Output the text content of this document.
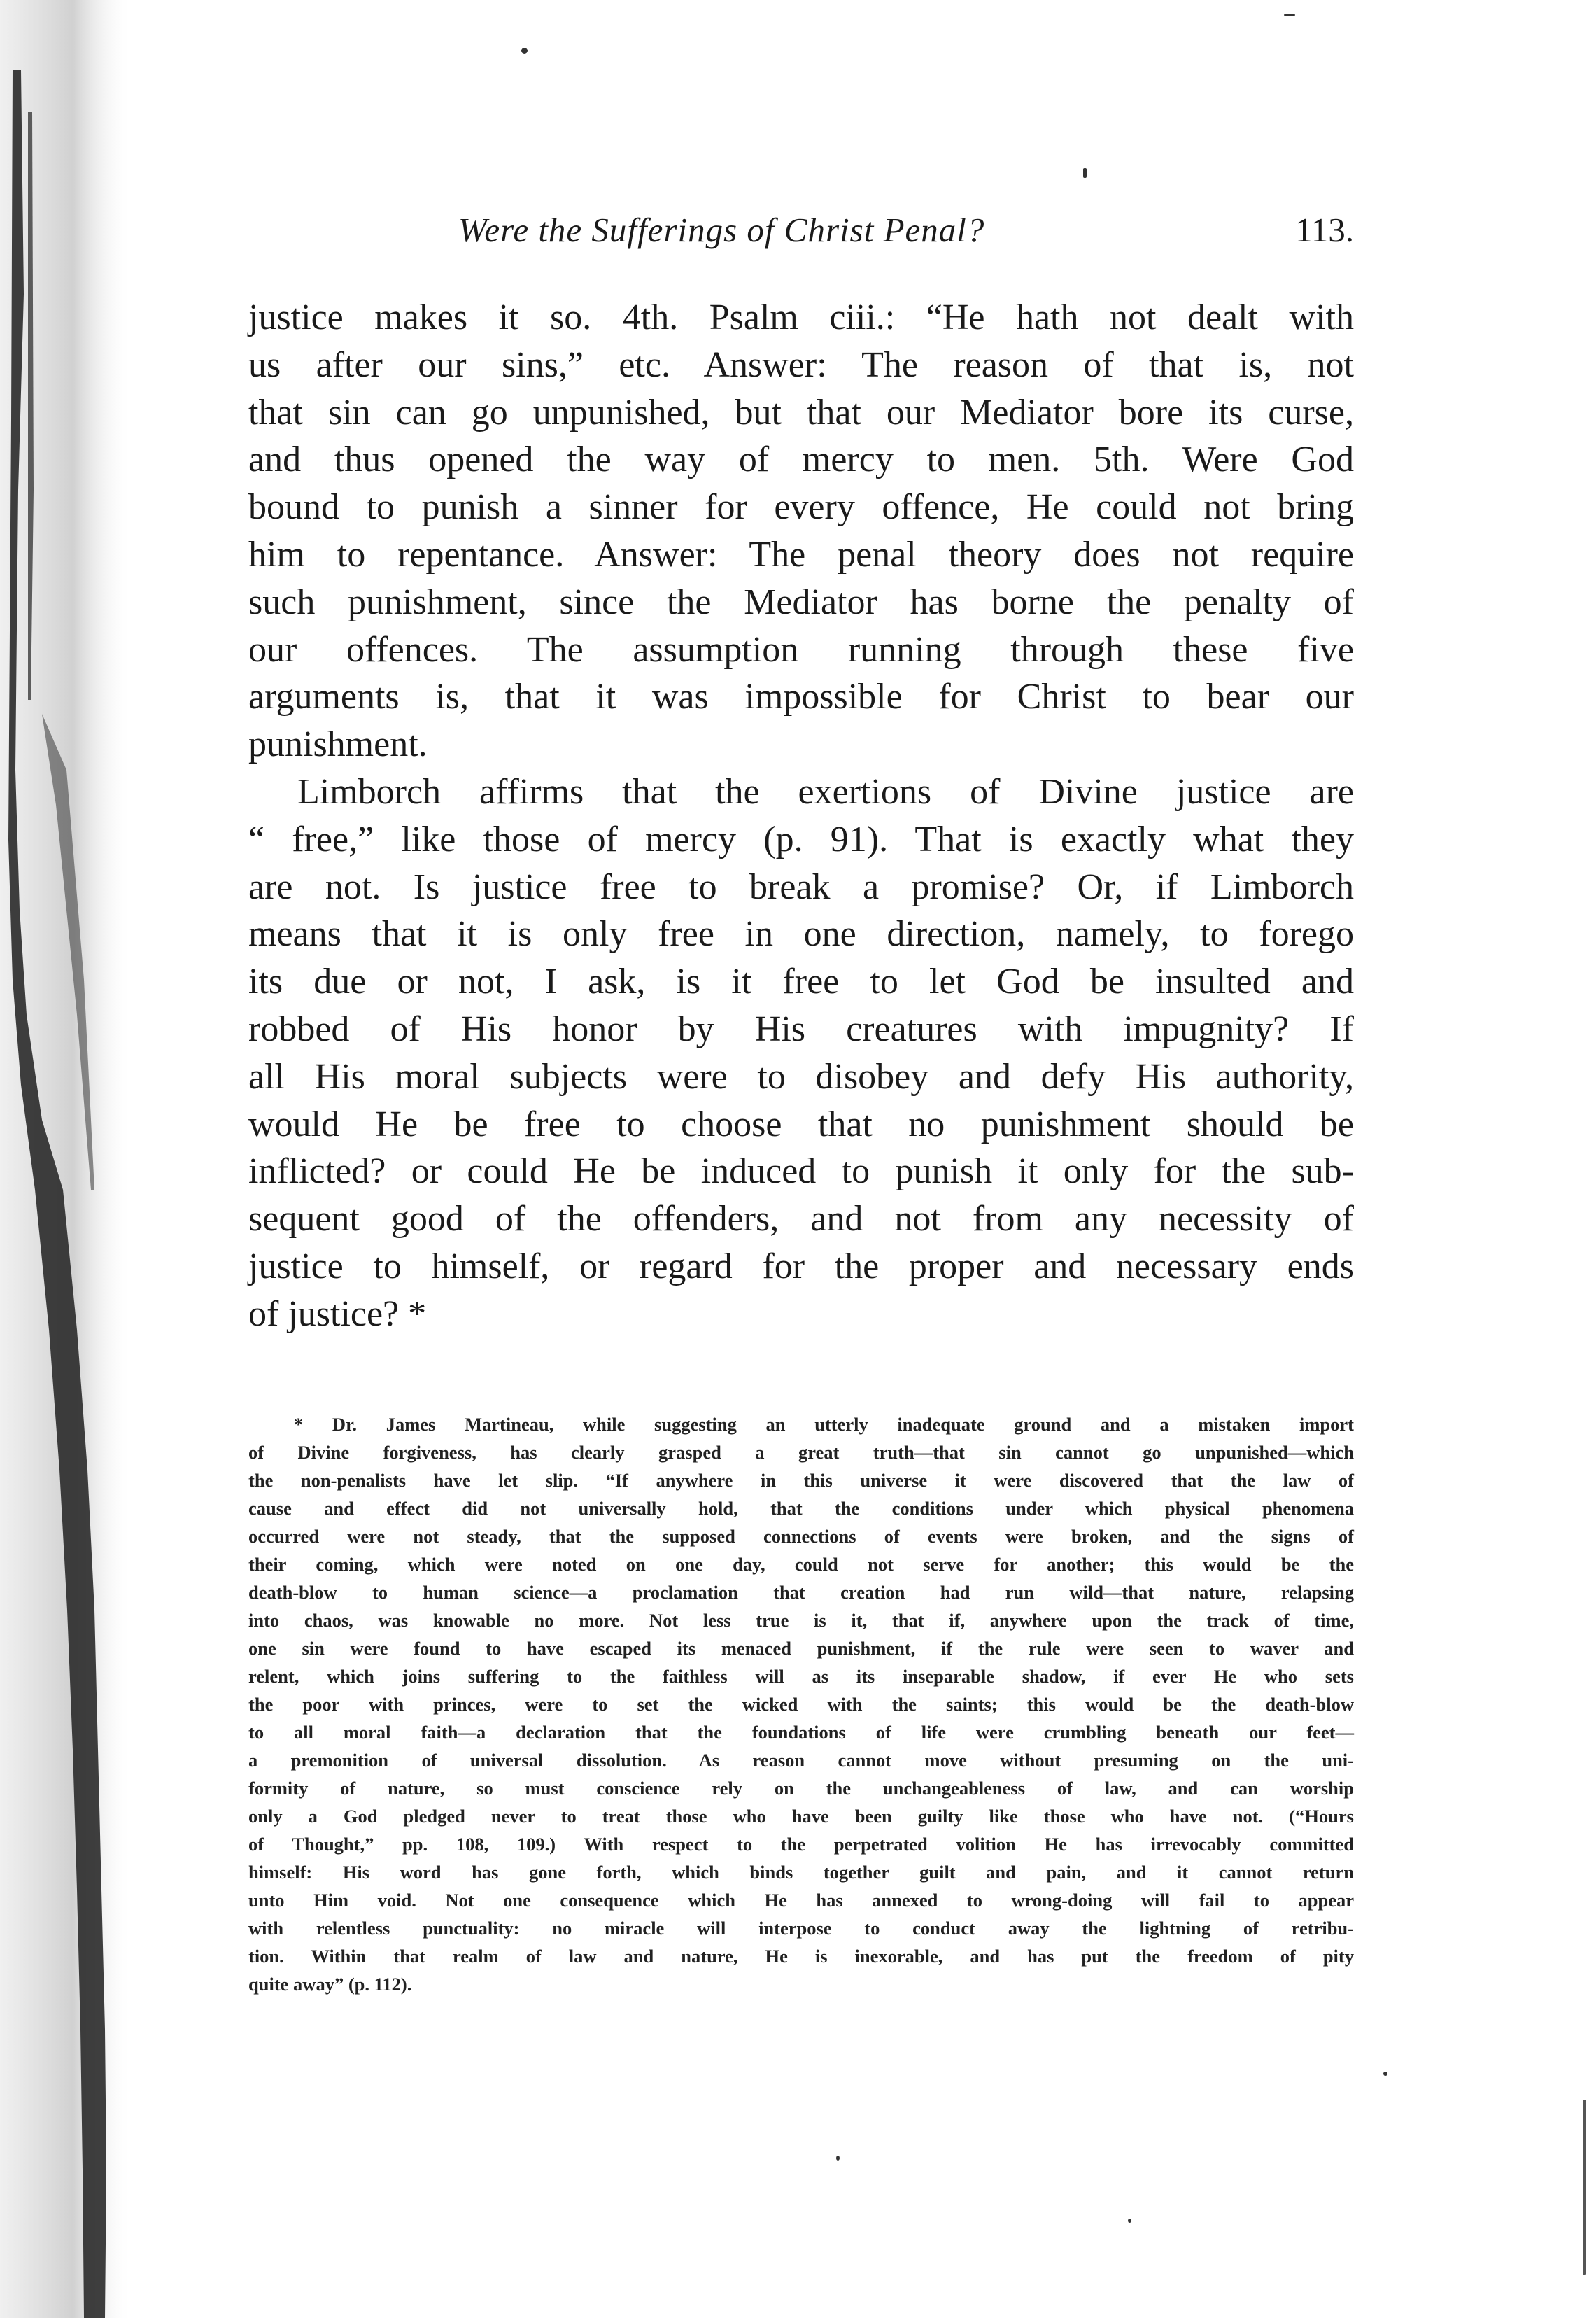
Were the Sufferings of Christ Penal?	113.
justice makes it so. 4th. Psalm ciii.: “He hath not dealt with
us after our sins,” etc. Answer: The reason of that is, not
that sin can go unpunished, but that our Mediator bore its curse,
and thus opened the way of mercy to men. 5th. Were God
bound to punish a sinner for every offence, He could not bring
him to repentance. Answer: The penal theory does not require
such punishment, since the Mediator has borne the penalty of
our offences. The assumption running through these five
arguments is, that it was impossible for Christ to bear our
punishment.
Limborch affirms that the exertions of Divine justice are
“ free,” like those of mercy (p. 91). That is exactly what they
are not. Is justice free to break a promise? Or, if Limborch
means that it is only free in one direction, namely, to forego
its due or not, I ask, is it free to let God be insulted and
robbed of His honor by His creatures with impugnity? If
all His moral subjects were to disobey and defy His authority,
would He be free to choose that no punishment should be
inflicted? or could He be induced to punish it only for the sub-
sequent good of the offenders, and not from any necessity of
justice to himself, or regard for the proper and necessary ends
of justice? *
* Dr. James Martineau, while suggesting an utterly inadequate ground and a mistaken import
of Divine forgiveness, has clearly grasped a great truth—that sin cannot go unpunished—which
the non-penalists have let slip. “If anywhere in this universe it were discovered that the law of
cause and effect did not universally hold, that the conditions under which physical phenomena
occurred were not steady, that the supposed connections of events were broken, and the signs of
their coming, which were noted on one day, could not serve for another; this would be the
death-blow to human science—a proclamation that creation had run wild—that nature, relapsing
into chaos, was knowable no more. Not less true is it, that if, anywhere upon the track of time,
one sin were found to have escaped its menaced punishment, if the rule were seen to waver and
relent, which joins suffering to the faithless will as its inseparable shadow, if ever He who sets
the poor with princes, were to set the wicked with the saints; this would be the death-blow
to all moral faith—a declaration that the foundations of life were crumbling beneath our feet—
a premonition of universal dissolution. As reason cannot move without presuming on the uni-
formity of nature, so must conscience rely on the unchangeableness of law, and can worship
only a God pledged never to treat those who have been guilty like those who have not. (“Hours
of Thought,” pp. 108, 109.) With respect to the perpetrated volition He has irrevocably committed
himself: His word has gone forth, which binds together guilt and pain, and it cannot return
unto Him void. Not one consequence which He has annexed to wrong-doing will fail to appear
with relentless punctuality: no miracle will interpose to conduct away the lightning of retribu-
tion. Within that realm of law and nature, He is inexorable, and has put the freedom of pity
quite away” (p. 112).
